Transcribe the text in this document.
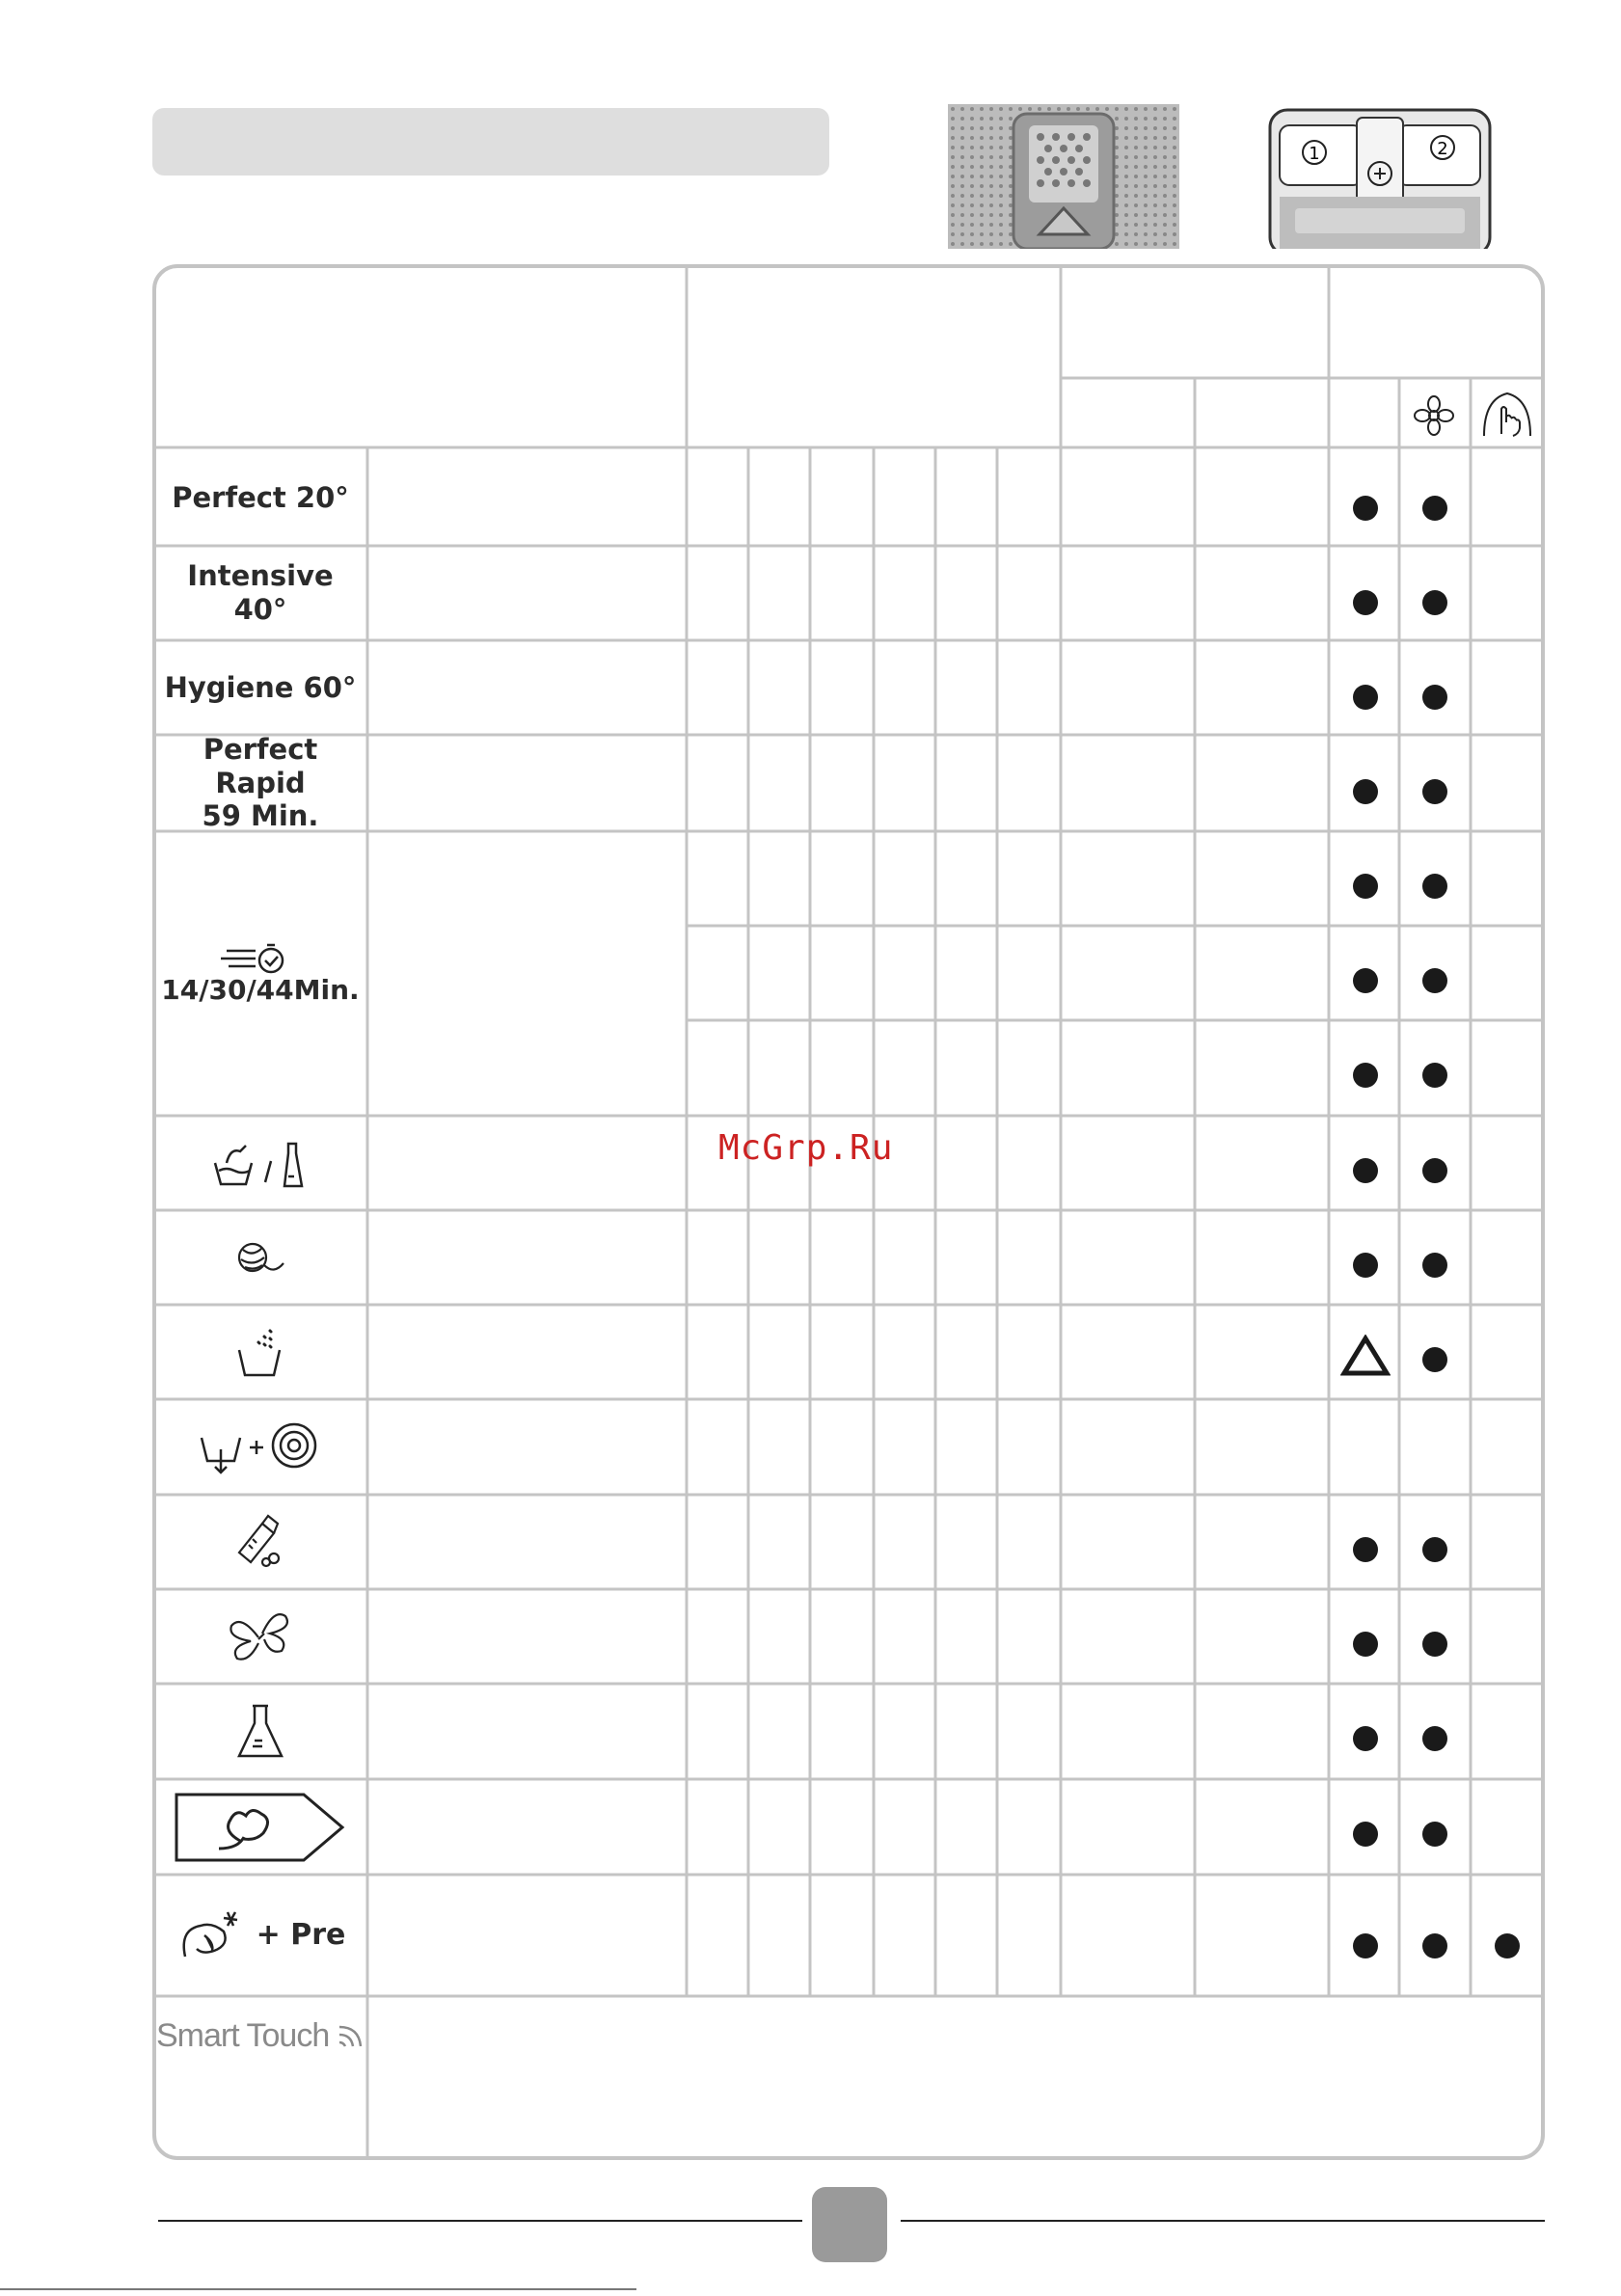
1	2
Perfect 20°
Intensive 40°
Hygiene 60°
Perfect Rapid
59 Min.
14/30/44Min.
+ Pre
Smart Touch
McGrp.Ru
